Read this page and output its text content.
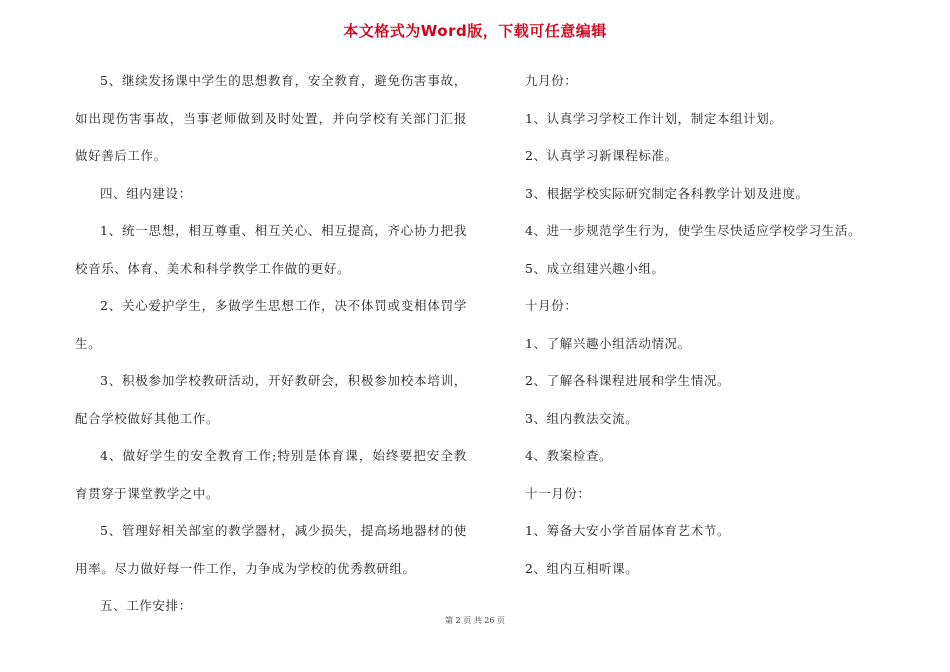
本文格式为Word版，下载可任意编辑

5、继续发扬课中学生的思想教育，安全教育，避免伤害事故，如出现伤害事故，当事老师做到及时处置，并向学校有关部门汇报做好善后工作。

四、组内建设：

1、统一思想，相互尊重、相互关心、相互提高，齐心协力把我校音乐、体育、美术和科学教学工作做的更好。

2、关心爱护学生，多做学生思想工作，决不体罚或变相体罚学生。

3、积极参加学校教研活动，开好教研会，积极参加校本培训，配合学校做好其他工作。

4、做好学生的安全教育工作;特别是体育课，始终要把安全教育贯穿于课堂教学之中。

5、管理好相关部室的教学器材，减少损失，提高场地器材的使用率。尽力做好每一件工作，力争成为学校的优秀教研组。

五、工作安排：

九月份：

1、认真学习学校工作计划，制定本组计划。

2、认真学习新课程标准。

3、根据学校实际研究制定各科教学计划及进度。

4、进一步规范学生行为，使学生尽快适应学校学习生活。

5、成立组建兴趣小组。

十月份：

1、了解兴趣小组活动情况。

2、了解各科课程进展和学生情况。

3、组内教法交流。

4、教案检查。

十一月份：

1、筹备大安小学首届体育艺术节。

2、组内互相听课。

第 2 页 共 26 页
